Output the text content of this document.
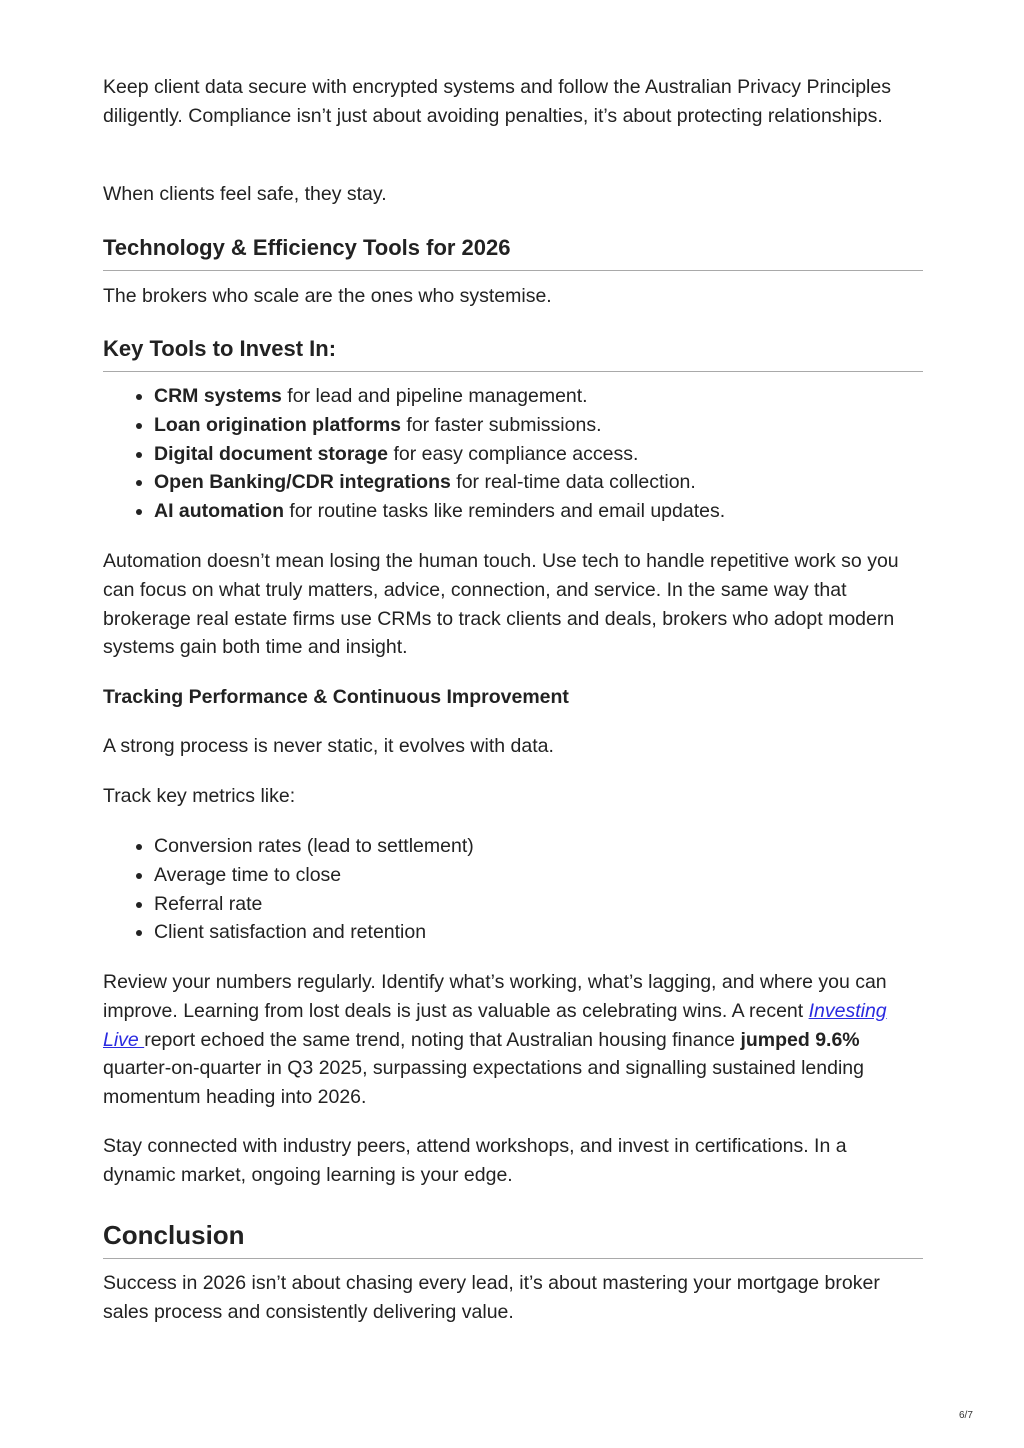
Keep client data secure with encrypted systems and follow the Australian Privacy Principles diligently. Compliance isn’t just about avoiding penalties, it’s about protecting relationships.

When clients feel safe, they stay.

Technology & Efficiency Tools for 2026

The brokers who scale are the ones who systemise.

Key Tools to Invest In:
CRM systems for lead and pipeline management.
Loan origination platforms for faster submissions.
Digital document storage for easy compliance access.
Open Banking/CDR integrations for real-time data collection.
AI automation for routine tasks like reminders and email updates.

Automation doesn’t mean losing the human touch. Use tech to handle repetitive work so you can focus on what truly matters, advice, connection, and service. In the same way that brokerage real estate firms use CRMs to track clients and deals, brokers who adopt modern systems gain both time and insight.

Tracking Performance & Continuous Improvement

A strong process is never static, it evolves with data.

Track key metrics like:

Conversion rates (lead to settlement)
Average time to close
Referral rate
Client satisfaction and retention

Review your numbers regularly. Identify what’s working, what’s lagging, and where you can improve. Learning from lost deals is just as valuable as celebrating wins. A recent Investing Live report echoed the same trend, noting that Australian housing finance jumped 9.6% quarter-on-quarter in Q3 2025, surpassing expectations and signalling sustained lending momentum heading into 2026.

Stay connected with industry peers, attend workshops, and invest in certifications. In a dynamic market, ongoing learning is your edge.

Conclusion

Success in 2026 isn’t about chasing every lead, it’s about mastering your mortgage broker sales process and consistently delivering value.

6/7
